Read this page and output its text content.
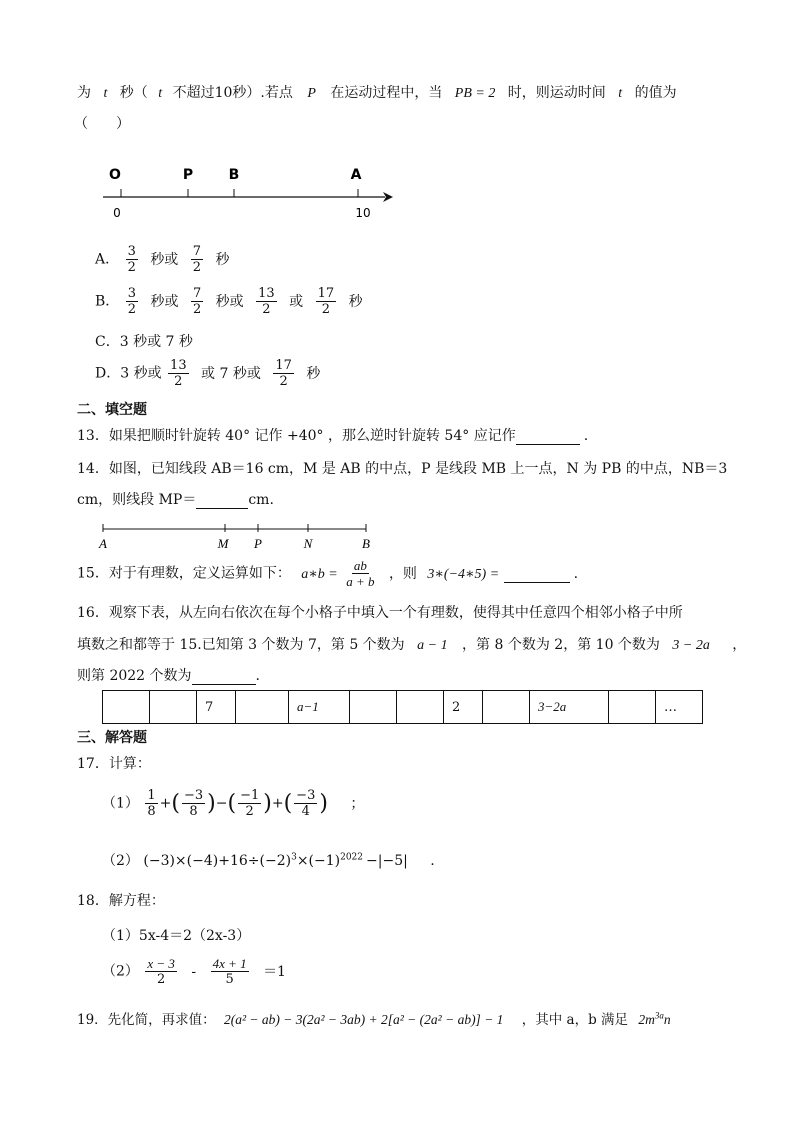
为 t 秒（ t 不超过10秒）.若点 P 在运动过程中，当 PB = 2 时，则运动时间 t 的值为
（　　）
O	P	B	A
0	10
A． $\frac{3}{2}$ 秒或 $\frac{7}{2}$ 秒
B． $\frac{3}{2}$ 秒或 $\frac{7}{2}$ 秒或 $\frac{13}{2}$ 或 $\frac{17}{2}$ 秒
C．3 秒或 7 秒
D．3 秒或 $\frac{13}{2}$ 或 7 秒或 $\frac{17}{2}$ 秒
二、填空题
13．如果把顺时针旋转 40° 记作 +40° ，那么逆时针旋转 54° 应记作	.
14．如图，已知线段 AB＝16 cm，M 是 AB 的中点，P 是线段 MB 上一点，N 为 PB 的中点，NB＝3
cm，则线段 MP＝	cm.
A	M P	N	B
15．对于有理数，定义运算如下： a∗b = $\frac{ab}{a + b}$ ，则 3∗(−4∗5) =	.
16．观察下表，从左向右依次在每个小格子中填入一个有理数，使得其中任意四个相邻小格子中所
填数之和都等于 15.已知第 3 个数为 7，第 5 个数为 a − 1 ，第 8 个数为 2，第 10 个数为 3 − 2a ，
则第 2022 个数为	.
		7		a−1			2		3−2a		…
三、解答题
17．计算：
$(1) \frac{1}{8}$ +( $\frac{-3}{8}$ )−( $\frac{-1}{2}$ )+( $\frac{-3}{4}$ ) ；
（2） $(-3)\times(-4)+16\div(-2)^3\times(-1)^{2022} -|-5|$ .
18．解方程：
（1）5x-4＝2（2x-3）
$(2) \frac{x - 3}{2} - \frac{4x + 1}{5} =1$
19．先化简，再求值： 2(a² − ab) − 3(2a² − 3ab) + 2[a² − (2a² − ab)] − 1 ，其中 a，b 满足 $2m^{3a}n$
